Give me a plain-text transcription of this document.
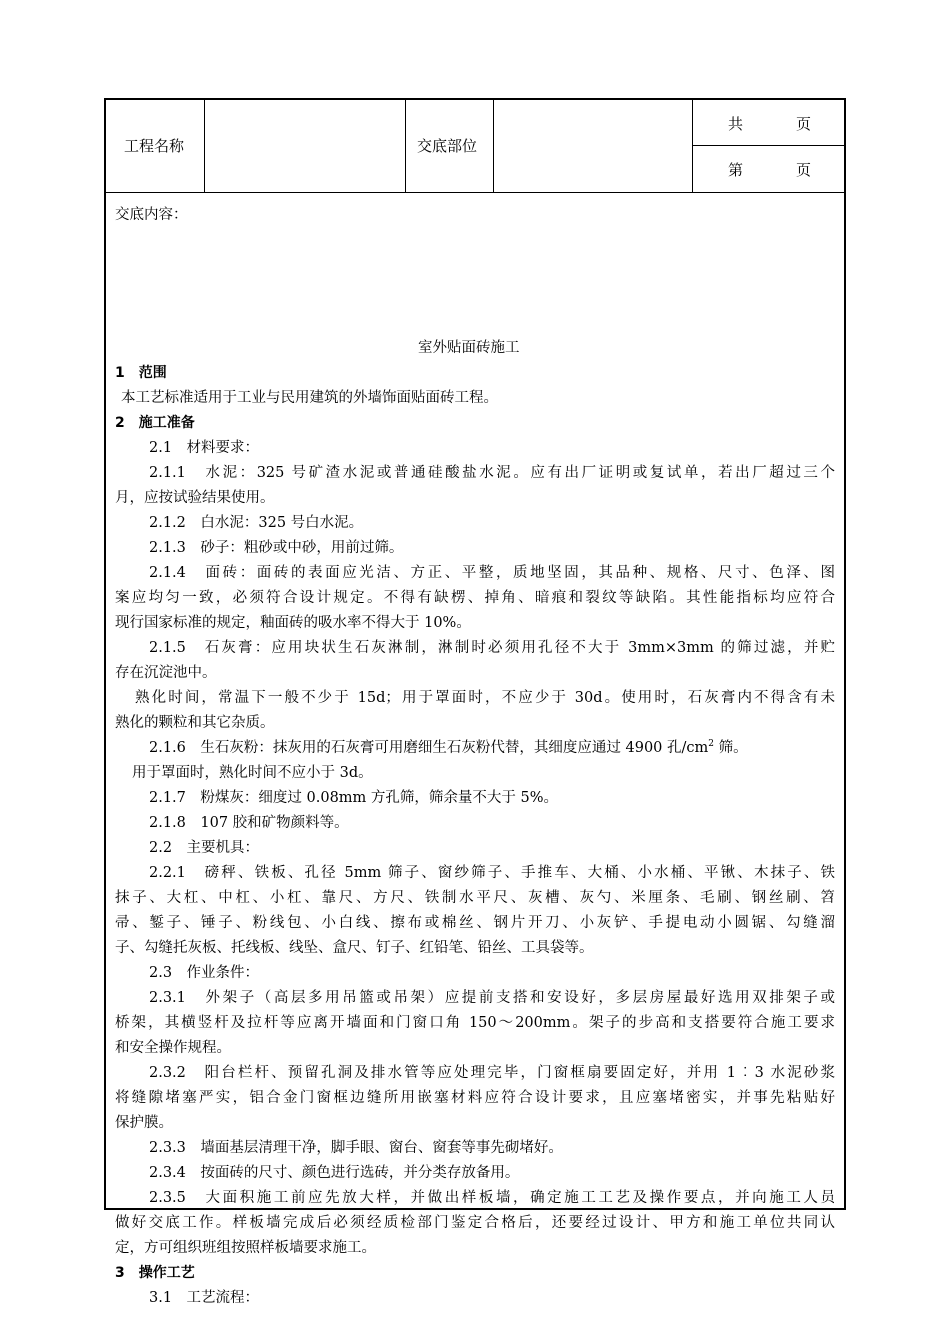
工程名称	交底部位
共	页
第	页
交底内容：
室外贴面砖施工
1　范围
本工艺标准适用于工业与民用建筑的外墙饰面贴面砖工程。
2　施工准备
2.1　材料要求：
2.1.1　水泥：325 号矿渣水泥或普通硅酸盐水泥。应有出厂证明或复试单，若出厂超过三个
月，应按试验结果使用。
2.1.2　白水泥：325 号白水泥。
2.1.3　砂子：粗砂或中砂，用前过筛。
2.1.4　面砖：面砖的表面应光洁、方正、平整，质地坚固，其品种、规格、尺寸、色泽、图
案应均匀一致，必须符合设计规定。不得有缺楞、掉角、暗痕和裂纹等缺陷。其性能指标均应符合
现行国家标准的规定，釉面砖的吸水率不得大于 10%。
2.1.5　石灰膏：应用块状生石灰淋制，淋制时必须用孔径不大于 3mm×3mm 的筛过滤，并贮
存在沉淀池中。
熟化时间，常温下一般不少于 15d；用于罩面时，不应少于 30d。使用时，石灰膏内不得含有未
熟化的颗粒和其它杂质。
2.1.6　生石灰粉：抹灰用的石灰膏可用磨细生石灰粉代替，其细度应通过 4900 孔$/cm^2$ 筛。
用于罩面时，熟化时间不应小于 3d。
2.1.7　粉煤灰：细度过 0.08mm 方孔筛，筛余量不大于 5%。
2.1.8　107 胶和矿物颜料等。
2.2　主要机具：
2.2.1　磅秤、铁板、孔径 5mm 筛子、窗纱筛子、手推车、大桶、小水桶、平锹、木抹子、铁
抹子、大杠、中杠、小杠、靠尺、方尺、铁制水平尺、灰槽、灰勺、米厘条、毛刷、钢丝刷、笤
帚、錾子、锤子、粉线包、小白线、擦布或棉丝、钢片开刀、小灰铲、手提电动小圆锯、勾缝溜
子、勾缝托灰板、托线板、线坠、盒尺、钉子、红铅笔、铅丝、工具袋等。
2.3　作业条件：
2.3.1　外架子（高层多用吊篮或吊架）应提前支搭和安设好，多层房屋最好选用双排架子或
桥架，其横竖杆及拉杆等应离开墙面和门窗口角 150～200mm。架子的步高和支搭要符合施工要求
和安全操作规程。
2.3.2　阳台栏杆、预留孔洞及排水管等应处理完毕，门窗框扇要固定好，并用 1︰3 水泥砂浆
将缝隙堵塞严实，铝合金门窗框边缝所用嵌塞材料应符合设计要求，且应塞堵密实，并事先粘贴好
保护膜。
2.3.3　墙面基层清理干净，脚手眼、窗台、窗套等事先砌堵好。
2.3.4　按面砖的尺寸、颜色进行选砖，并分类存放备用。
2.3.5　大面积施工前应先放大样，并做出样板墙，确定施工工艺及操作要点，并向施工人员
做好交底工作。样板墙完成后必须经质检部门鉴定合格后，还要经过设计、甲方和施工单位共同认
定，方可组织班组按照样板墙要求施工。
3　操作工艺
3.1　工艺流程：
